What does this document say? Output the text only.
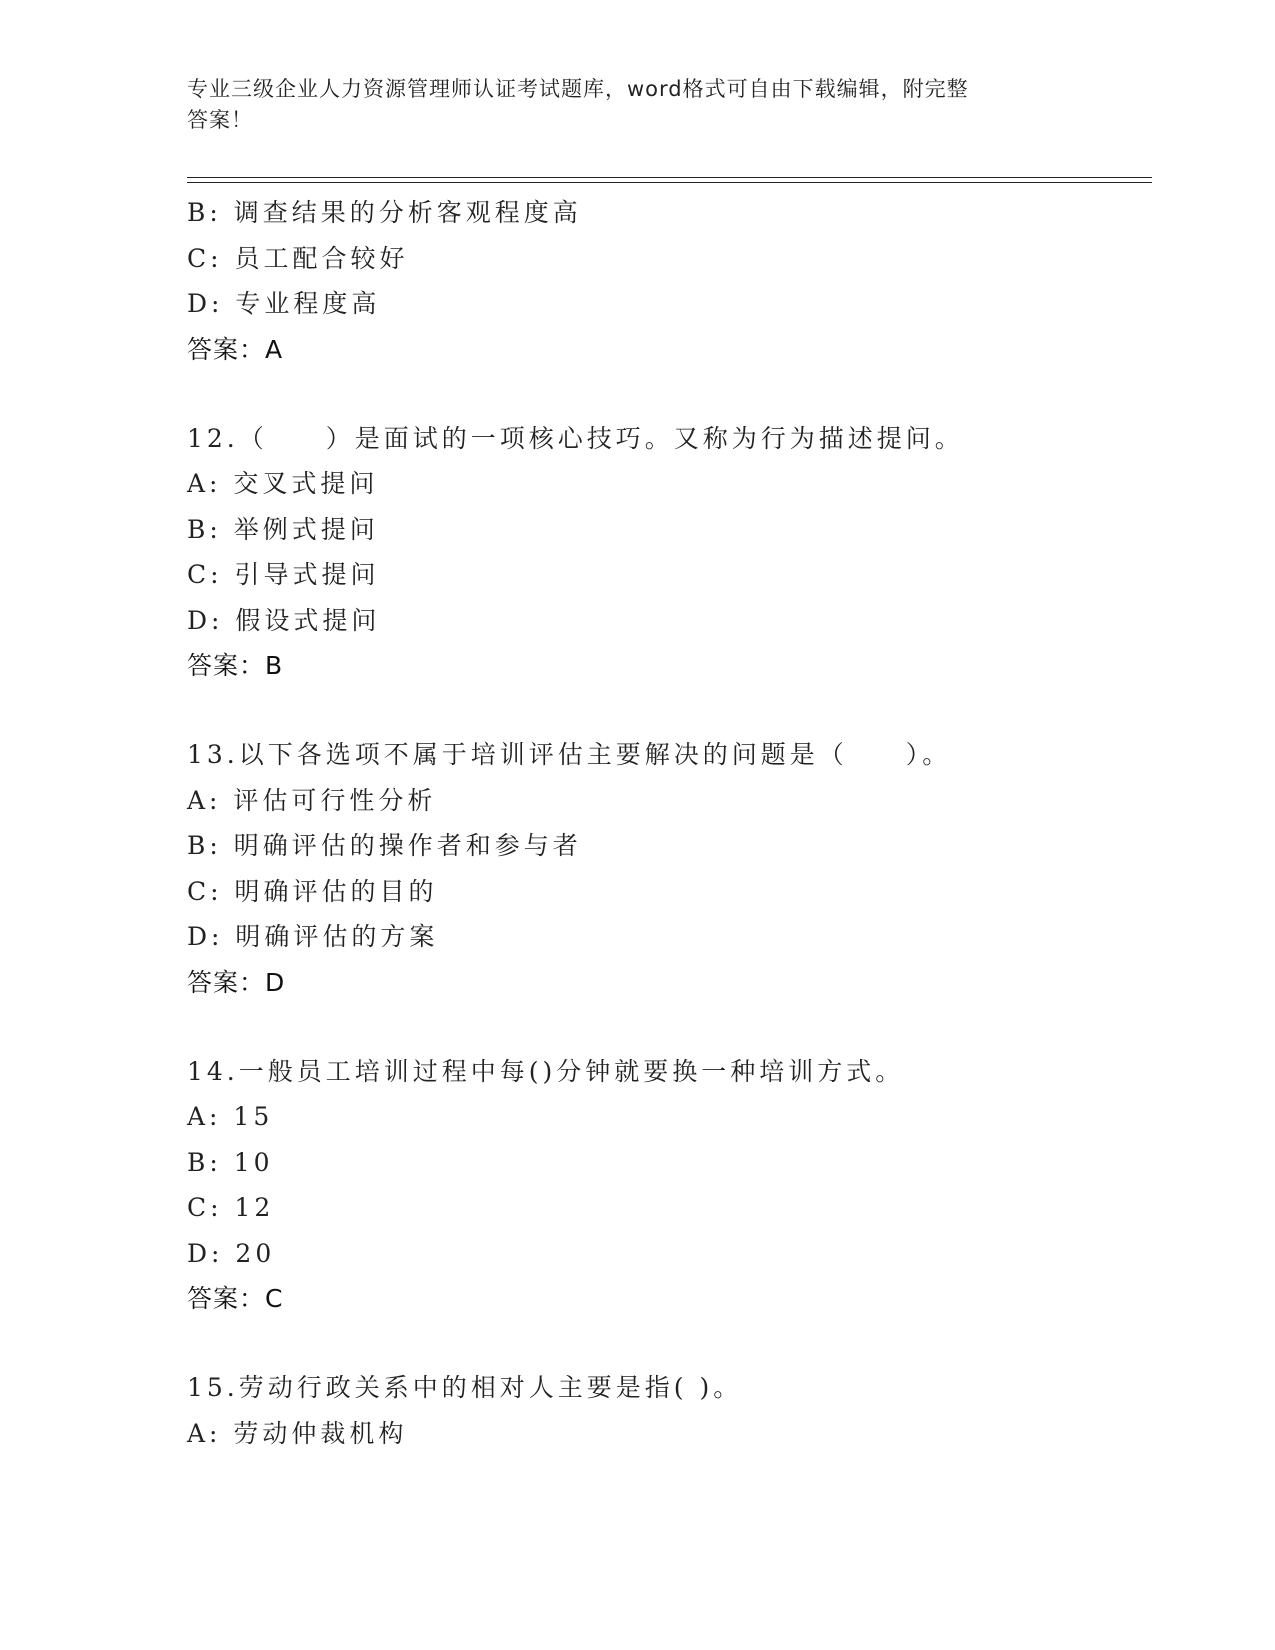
专业三级企业人力资源管理师认证考试题库，word格式可自由下载编辑，附完整
答案！
B: 调查结果的分析客观程度高
C: 员工配合较好
D: 专业程度高
答案：A
12.（　　）是面试的一项核心技巧。又称为行为描述提问。
A: 交叉式提问
B: 举例式提问
C: 引导式提问
D: 假设式提问
答案：B
13.以下各选项不属于培训评估主要解决的问题是（　　）。
A: 评估可行性分析
B: 明确评估的操作者和参与者
C: 明确评估的目的
D: 明确评估的方案
答案：D
14.一般员工培训过程中每()分钟就要换一种培训方式。
A: 15
B: 10
C: 12
D: 20
答案：C
15.劳动行政关系中的相对人主要是指( )。
A: 劳动仲裁机构
